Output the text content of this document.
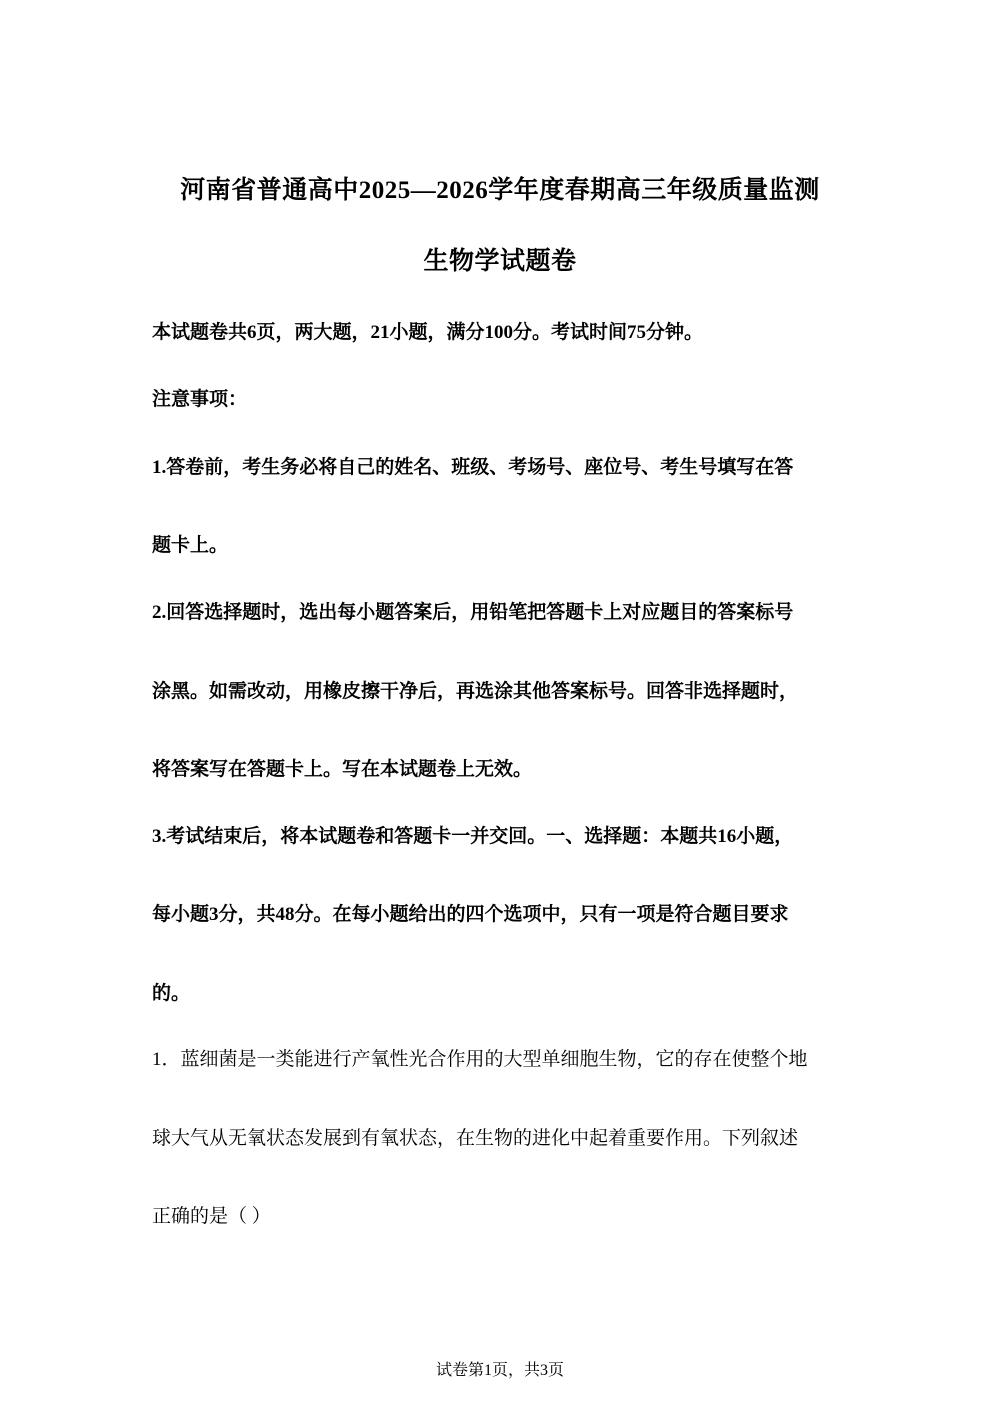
河南省普通高中2025—2026学年度春期高三年级质量监测
生物学试题卷
本试题卷共6页，两大题，21小题，满分100分。考试时间75分钟。
注意事项：
1.答卷前，考生务必将自己的姓名、班级、考场号、座位号、考生号填写在答
题卡上。
2.回答选择题时，选出每小题答案后，用铅笔把答题卡上对应题目的答案标号
涂黑。如需改动，用橡皮擦干净后，再选涂其他答案标号。回答非选择题时，
将答案写在答题卡上。写在本试题卷上无效。
3.考试结束后，将本试题卷和答题卡一并交回。一、选择题：本题共16小题，
每小题3分，共48分。在每小题给出的四个选项中，只有一项是符合题目要求
的。
1．蓝细菌是一类能进行产氧性光合作用的大型单细胞生物，它的存在使整个地
球大气从无氧状态发展到有氧状态，在生物的进化中起着重要作用。下列叙述
正确的是（ ）
试卷第1页，共3页
